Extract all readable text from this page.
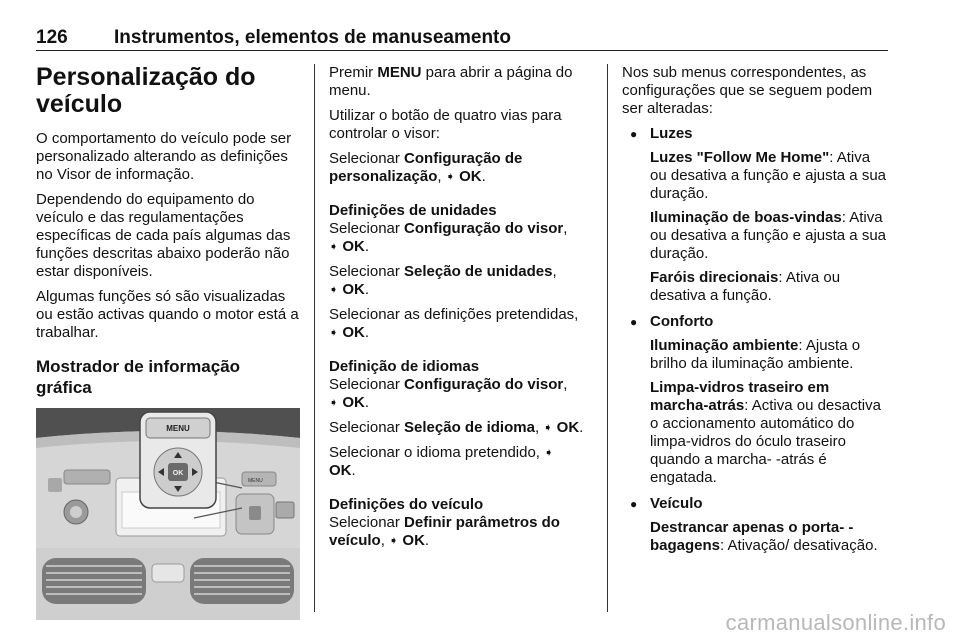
126 Instrumentos, elementos de manuseamento
Personalização do veículo

O comportamento do veículo pode ser personalizado alterando as definições no Visor de informação.

Dependendo do equipamento do veículo e das regulamentações específicas de cada país algumas das funções descritas abaixo poderão não estar disponíveis.

Algumas funções só são visualizadas ou estão activas quando o motor está a trabalhar.

Mostrador de informação gráfica
MENU
MENU
OK

Premir MENU para abrir a página do menu.

Utilizar o botão de quatro vias para controlar o visor:

Selecionar Configuração de personalização, ➧ OK.

Definições de unidades
Selecionar Configuração do visor,
➧ OK.

Selecionar Seleção de unidades,
➧ OK.

Selecionar as definições pretendidas,
➧ OK.

Definição de idiomas
Selecionar Configuração do visor,
➧ OK.

Selecionar Seleção de idioma, ➧ OK.

Selecionar o idioma pretendido, ➧
OK.

Definições do veículo
Selecionar Definir parâmetros do veículo, ➧ OK.

Nos sub menus correspondentes, as configurações que se seguem podem ser alteradas:

● Luzes

Luzes "Follow Me Home": Ativa ou desativa a função e ajusta a sua duração.

Iluminação de boas-vindas: Ativa ou desativa a função e ajusta a sua duração.

Faróis direcionais: Ativa ou desativa a função.

● Conforto

Iluminação ambiente: Ajusta o brilho da iluminação ambiente.

Limpa-vidros traseiro em marcha-atrás: Activa ou desactiva o accionamento automático do limpa-vidros do óculo traseiro quando a marcha- -atrás é engatada.

● Veículo

Destrancar apenas o porta- -bagagens: Ativação/ desativação.

carmanualsonline.info
